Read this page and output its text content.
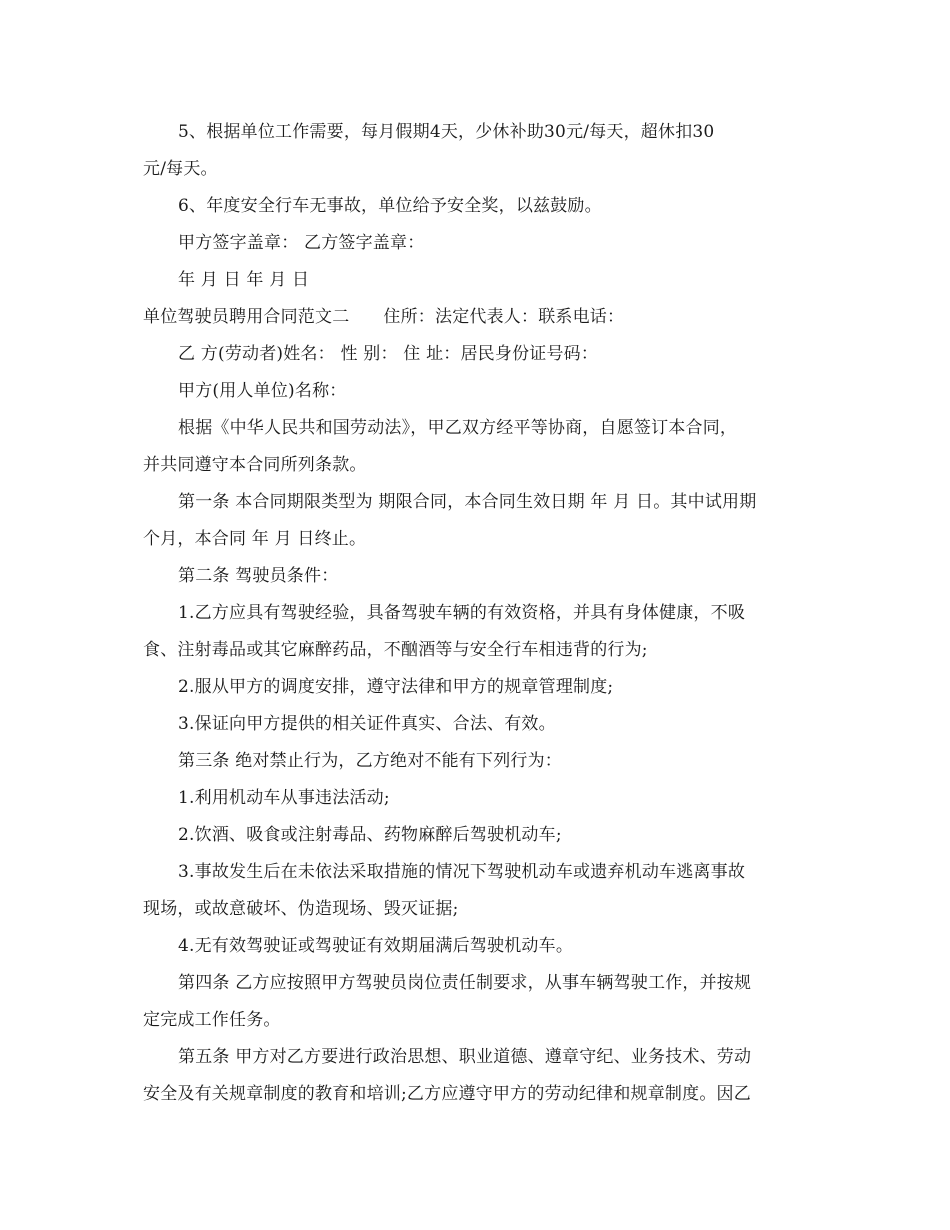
5、根据单位工作需要，每月假期4天，少休补助30元/每天，超休扣30
元/每天。
6、年度安全行车无事故，单位给予安全奖，以兹鼓励。
甲方签字盖章： 乙方签字盖章：
年 月 日 年 月 日
单位驾驶员聘用合同范文二 住所：法定代表人：联系电话：
乙 方(劳动者)姓名： 性 别： 住 址：居民身份证号码：
甲方(用人单位)名称：
根据《中华人民共和国劳动法》，甲乙双方经平等协商，自愿签订本合同，
并共同遵守本合同所列条款。
第一条 本合同期限类型为 期限合同，本合同生效日期 年 月 日。其中试用期
个月，本合同 年 月 日终止。
第二条 驾驶员条件：
1.乙方应具有驾驶经验，具备驾驶车辆的有效资格，并具有身体健康，不吸
食、注射毒品或其它麻醉药品，不酗酒等与安全行车相违背的行为;
2.服从甲方的调度安排，遵守法律和甲方的规章管理制度;
3.保证向甲方提供的相关证件真实、合法、有效。
第三条 绝对禁止行为，乙方绝对不能有下列行为：
1.利用机动车从事违法活动;
2.饮酒、吸食或注射毒品、药物麻醉后驾驶机动车;
3.事故发生后在未依法采取措施的情况下驾驶机动车或遗弃机动车逃离事故
现场，或故意破坏、伪造现场、毁灭证据;
4.无有效驾驶证或驾驶证有效期届满后驾驶机动车。
第四条 乙方应按照甲方驾驶员岗位责任制要求，从事车辆驾驶工作，并按规
定完成工作任务。
第五条 甲方对乙方要进行政治思想、职业道德、遵章守纪、业务技术、劳动
安全及有关规章制度的教育和培训;乙方应遵守甲方的劳动纪律和规章制度。因乙
